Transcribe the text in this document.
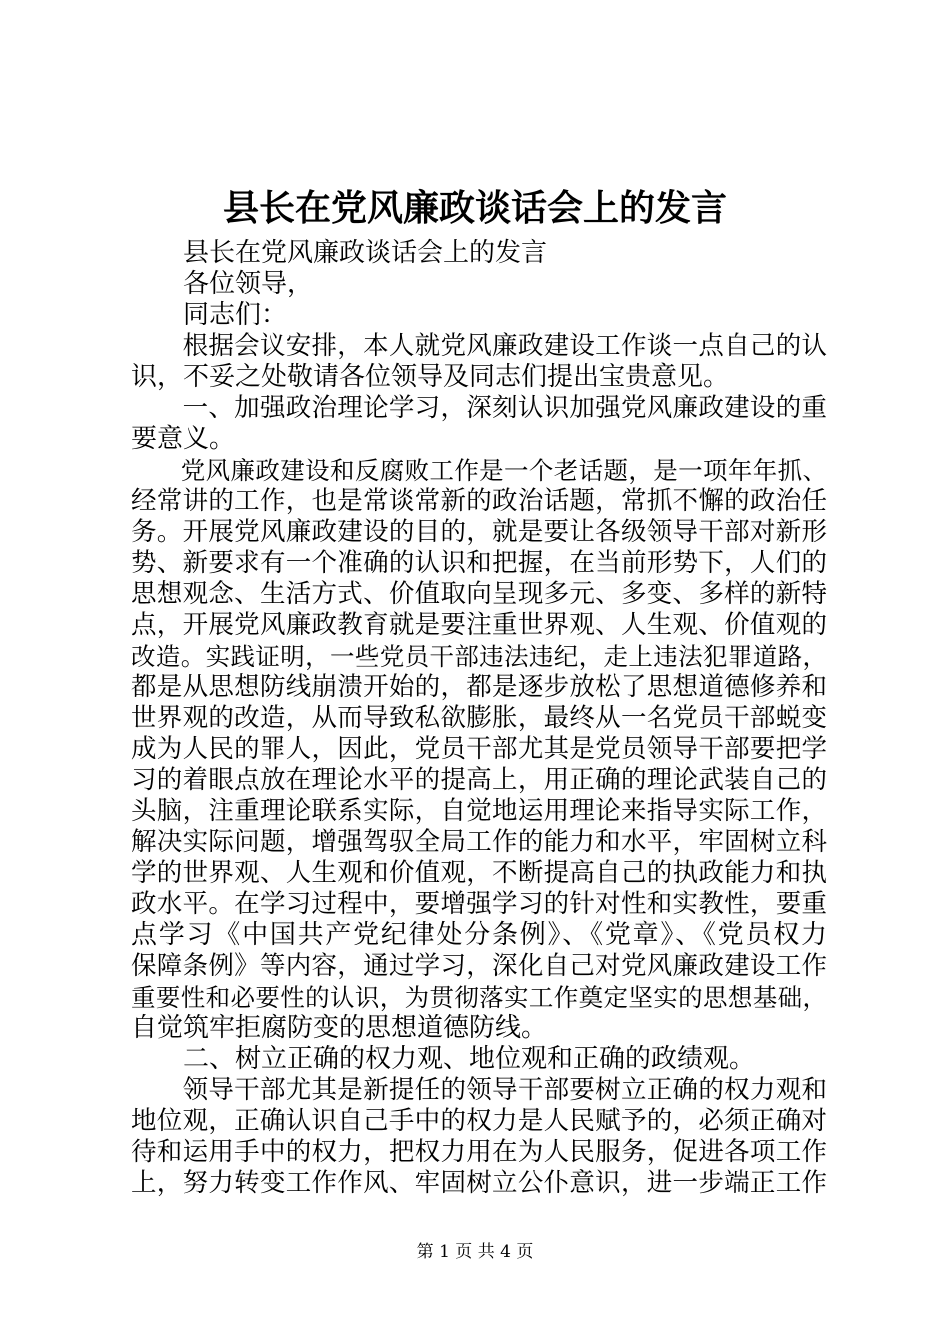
县长在党风廉政谈话会上的发言
　　县长在党风廉政谈话会上的发言
　　各位领导，
　　同志们：
　　根据会议安排，本人就党风廉政建设工作谈一点自己的认
识，不妥之处敬请各位领导及同志们提出宝贵意见。
　　一、加强政治理论学习，深刻认识加强党风廉政建设的重
要意义。
　　党风廉政建设和反腐败工作是一个老话题，是一项年年抓、
经常讲的工作，也是常谈常新的政治话题，常抓不懈的政治任
务。开展党风廉政建设的目的，就是要让各级领导干部对新形
势、新要求有一个准确的认识和把握，在当前形势下，人们的
思想观念、生活方式、价值取向呈现多元、多变、多样的新特
点，开展党风廉政教育就是要注重世界观、人生观、价值观的
改造。实践证明，一些党员干部违法违纪，走上违法犯罪道路，
都是从思想防线崩溃开始的，都是逐步放松了思想道德修养和
世界观的改造，从而导致私欲膨胀，最终从一名党员干部蜕变
成为人民的罪人，因此，党员干部尤其是党员领导干部要把学
习的着眼点放在理论水平的提高上，用正确的理论武装自己的
头脑，注重理论联系实际，自觉地运用理论来指导实际工作，
解决实际问题，增强驾驭全局工作的能力和水平，牢固树立科
学的世界观、人生观和价值观，不断提高自己的执政能力和执
政水平。在学习过程中，要增强学习的针对性和实教性，要重
点学习《中国共产党纪律处分条例》、《党章》、《党员权力
保障条例》等内容，通过学习，深化自己对党风廉政建设工作
重要性和必要性的认识，为贯彻落实工作奠定坚实的思想基础，
自觉筑牢拒腐防变的思想道德防线。
　　二、树立正确的权力观、地位观和正确的政绩观。
　　领导干部尤其是新提任的领导干部要树立正确的权力观和
地位观，正确认识自己手中的权力是人民赋予的，必须正确对
待和运用手中的权力，把权力用在为人民服务，促进各项工作
上，努力转变工作作风、牢固树立公仆意识，进一步端正工作
第 1 页 共 4 页
